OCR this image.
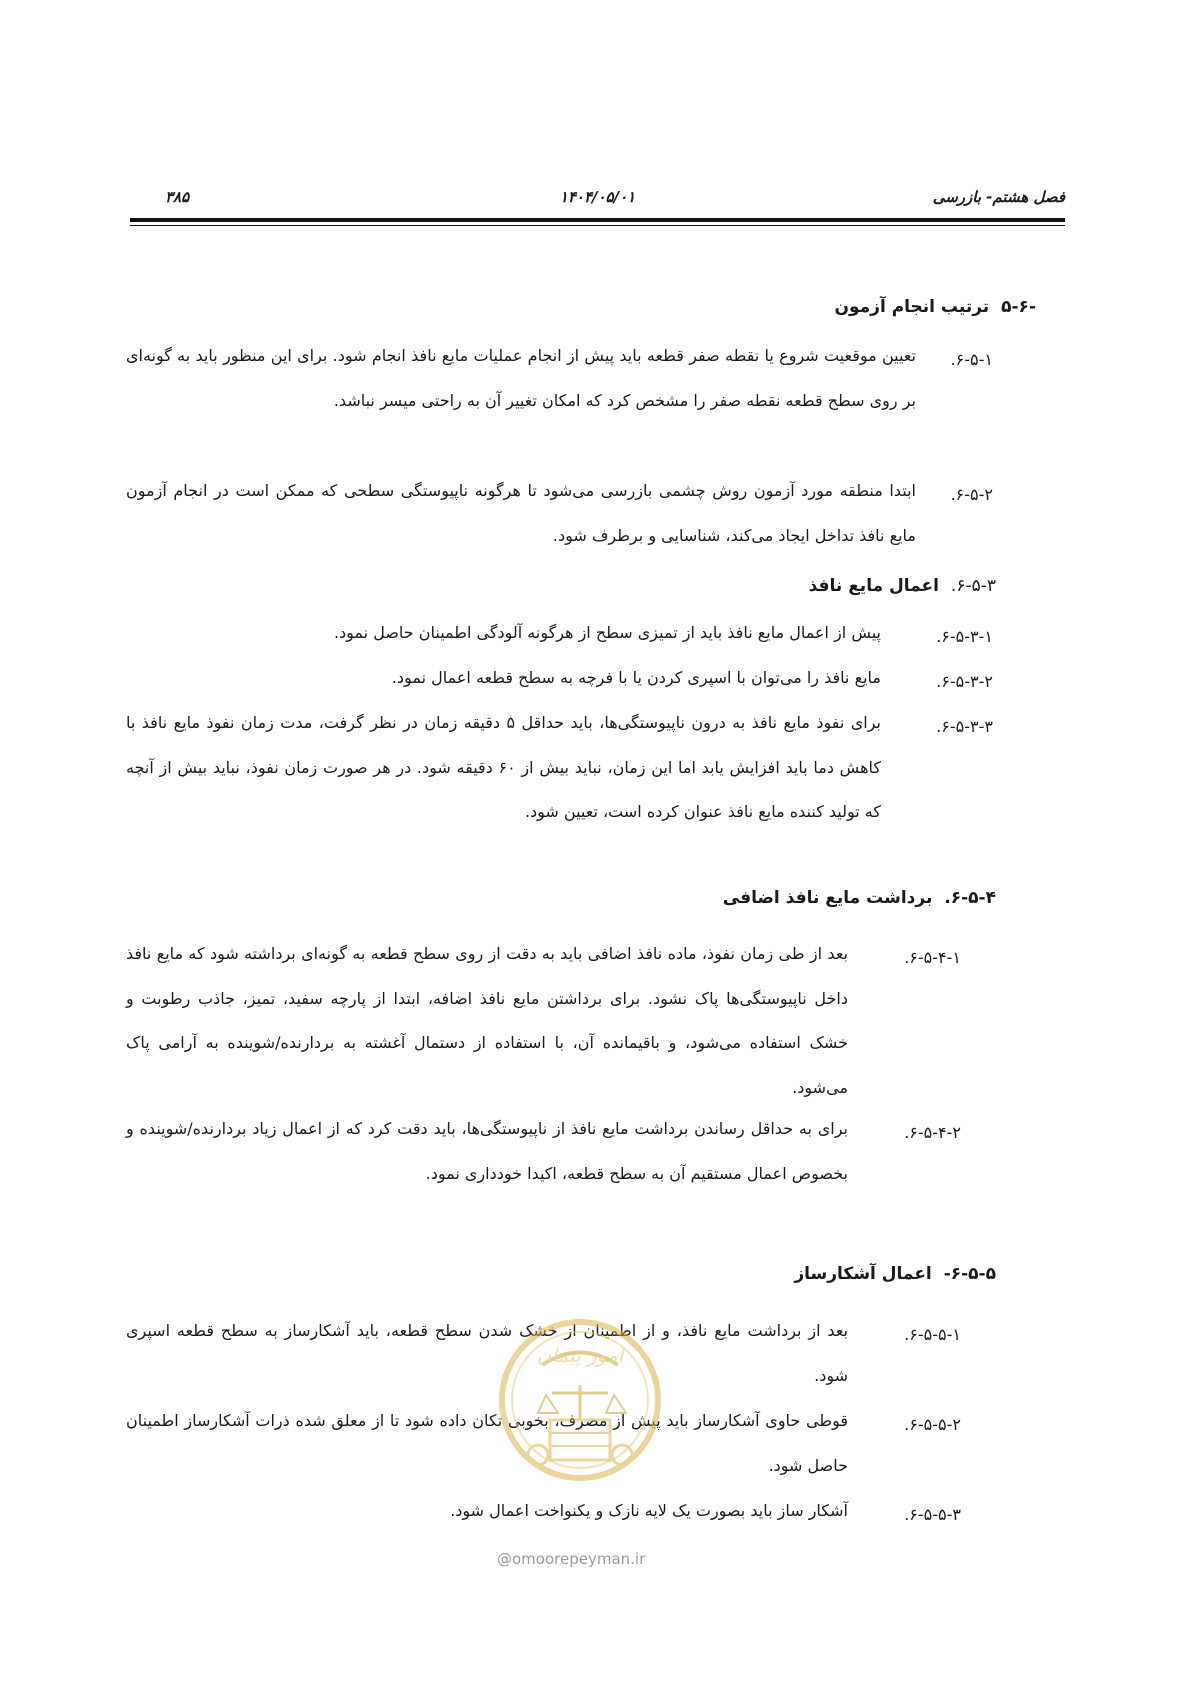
فصل هشتم- بازرسی
۱۴۰۴/۰۵/۰۱
۳۸۵
-۵-۶ ترتیب انجام آزمون
۶-۵-۱.
تعیین موقعیت شروع یا نقطه صفر قطعه باید پیش از انجام عملیات مایع نافذ انجام شود. برای این منظور باید به گونه‌ای بر روی سطح قطعه نقطه صفر را مشخص کرد که امکان تغییر آن به راحتی میسر نباشد.
۶-۵-۲.
ابتدا منطقه مورد آزمون روش چشمی بازرسی می‌شود تا هرگونه ناپیوستگی سطحی که ممکن است در انجام آزمون مایع نافذ تداخل ایجاد می‌کند، شناسایی و برطرف شود.
۶-۵-۳. اعمال مایع نافذ
۶-۵-۳-۱.
پیش از اعمال مایع نافذ باید از تمیزی سطح از هرگونه آلودگی اطمینان حاصل نمود.
۶-۵-۳-۲.
مایع نافذ را می‌توان با اسپری کردن یا با فرچه به سطح قطعه اعمال نمود.
۶-۵-۳-۳.
برای نفوذ مایع نافذ به درون ناپیوستگی‌ها، باید حداقل ۵ دقیقه زمان در نظر گرفت، مدت زمان نفوذ مایع نافذ با کاهش دما باید افزایش یابد اما این زمان، نباید بیش از ۶۰ دقیقه شود. در هر صورت زمان نفوذ، نباید بیش از آنچه که تولید کننده مایع نافذ عنوان کرده است، تعیین شود.
۶-۵-۴. برداشت مایع نافذ اضافی
۶-۵-۴-۱.
بعد از طی زمان نفوذ، ماده نافذ اضافی باید به دقت از روی سطح قطعه به گونه‌ای برداشته شود که مایع نافذ داخل ناپیوستگی‌ها پاک نشود. برای برداشتن مایع نافذ اضافه، ابتدا از پارچه سفید، تمیز، جاذب رطوبت و خشک استفاده می‌شود، و باقیمانده آن، با استفاده از دستمال آغشته به بردارنده/شوینده به آرامی پاک می‌شود.
۶-۵-۴-۲.
برای به حداقل رساندن برداشت مایع نافذ از ناپیوستگی‌ها، باید دقت کرد که از اعمال زیاد بردارنده/شوینده و بخصوص اعمال مستقیم آن به سطح قطعه، اکیدا خودداری نمود.
۶-۵-۵- اعمال آشکارساز
۶-۵-۵-۱.
بعد از برداشت مایع نافذ، و از اطمینان از خشک شدن سطح قطعه، باید آشکارساز به سطح قطعه اسپری شود.
۶-۵-۵-۲.
قوطی حاوی آشکارساز باید پیش از مصرف، بخوبی تکان داده شود تا از معلق شده ذرات آشکارساز اطمینان حاصل شود.
۶-۵-۵-۳.
آشکار ساز باید بصورت یک لایه نازک و یکنواخت اعمال شود.
امور پیمان
@omoorepeyman.ir
